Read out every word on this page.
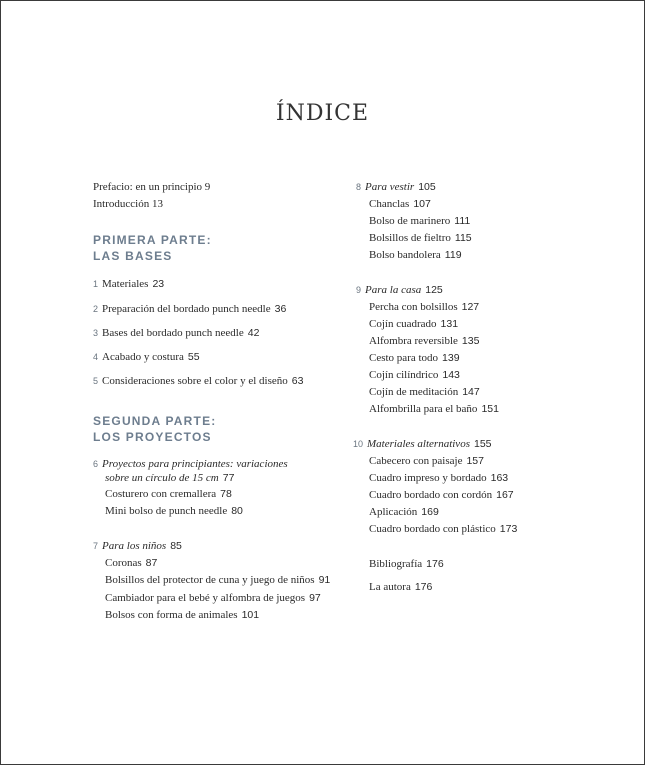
ÍNDICE
Prefacio: en un principio 9
Introducción 13
PRIMERA PARTE:
LAS BASES
1 Materiales 23
2 Preparación del bordado punch needle 36
3 Bases del bordado punch needle 42
4 Acabado y costura 55
5 Consideraciones sobre el color y el diseño 63
SEGUNDA PARTE:
LOS PROYECTOS
6 Proyectos para principiantes: variaciones
sobre un círculo de 15 cm 77
Costurero con cremallera 78
Mini bolso de punch needle 80
7 Para los niños 85
Coronas 87
Bolsillos del protector de cuna y juego de niños 91
Cambiador para el bebé y alfombra de juegos 97
Bolsos con forma de animales 101
8 Para vestir 105
Chanclas 107
Bolso de marinero 111
Bolsillos de fieltro 115
Bolso bandolera 119
9 Para la casa 125
Percha con bolsillos 127
Cojín cuadrado 131
Alfombra reversible 135
Cesto para todo 139
Cojín cilíndrico 143
Cojín de meditación 147
Alfombrilla para el baño 151
10 Materiales alternativos 155
Cabecero con paisaje 157
Cuadro impreso y bordado 163
Cuadro bordado con cordón 167
Aplicación 169
Cuadro bordado con plástico 173
Bibliografía 176
La autora 176
